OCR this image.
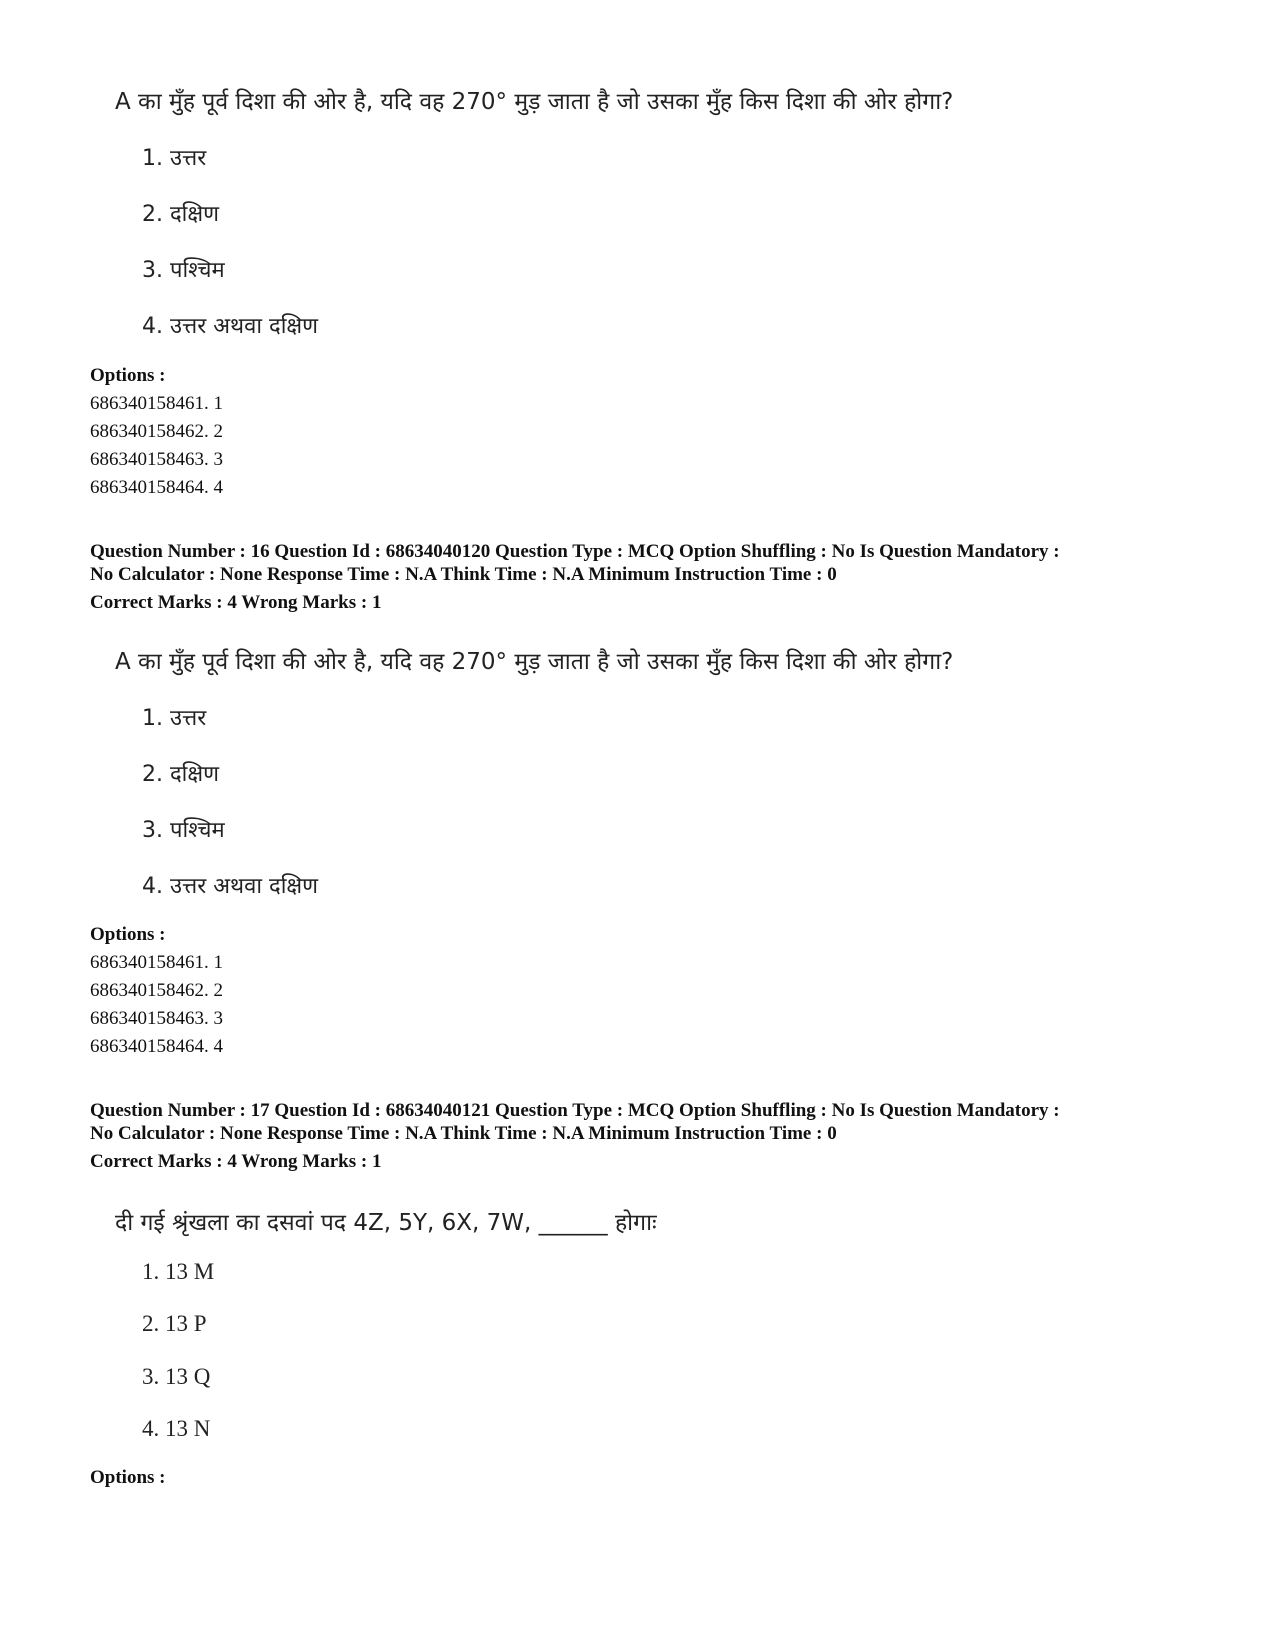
A का मुँह पूर्व दिशा की ओर है, यदि वह 270° मुड़ जाता है जो उसका मुँह किस दिशा की ओर होगा?
1. उत्तर
2. दक्षिण
3. पश्चिम
4. उत्तर अथवा दक्षिण
Options :
686340158461. 1
686340158462. 2
686340158463. 3
686340158464. 4
Question Number : 16 Question Id : 68634040120 Question Type : MCQ Option Shuffling : No Is Question Mandatory :
No Calculator : None Response Time : N.A Think Time : N.A Minimum Instruction Time : 0
Correct Marks : 4 Wrong Marks : 1
A का मुँह पूर्व दिशा की ओर है, यदि वह 270° मुड़ जाता है जो उसका मुँह किस दिशा की ओर होगा?
1. उत्तर
2. दक्षिण
3. पश्चिम
4. उत्तर अथवा दक्षिण
Options :
686340158461. 1
686340158462. 2
686340158463. 3
686340158464. 4
Question Number : 17 Question Id : 68634040121 Question Type : MCQ Option Shuffling : No Is Question Mandatory :
No Calculator : None Response Time : N.A Think Time : N.A Minimum Instruction Time : 0
Correct Marks : 4 Wrong Marks : 1
दी गई श्रृंखला का दसवां पद 4Z, 5Y, 6X, 7W, ______ होगाः
1. 13 M
2. 13 P
3. 13 Q
4. 13 N
Options :
